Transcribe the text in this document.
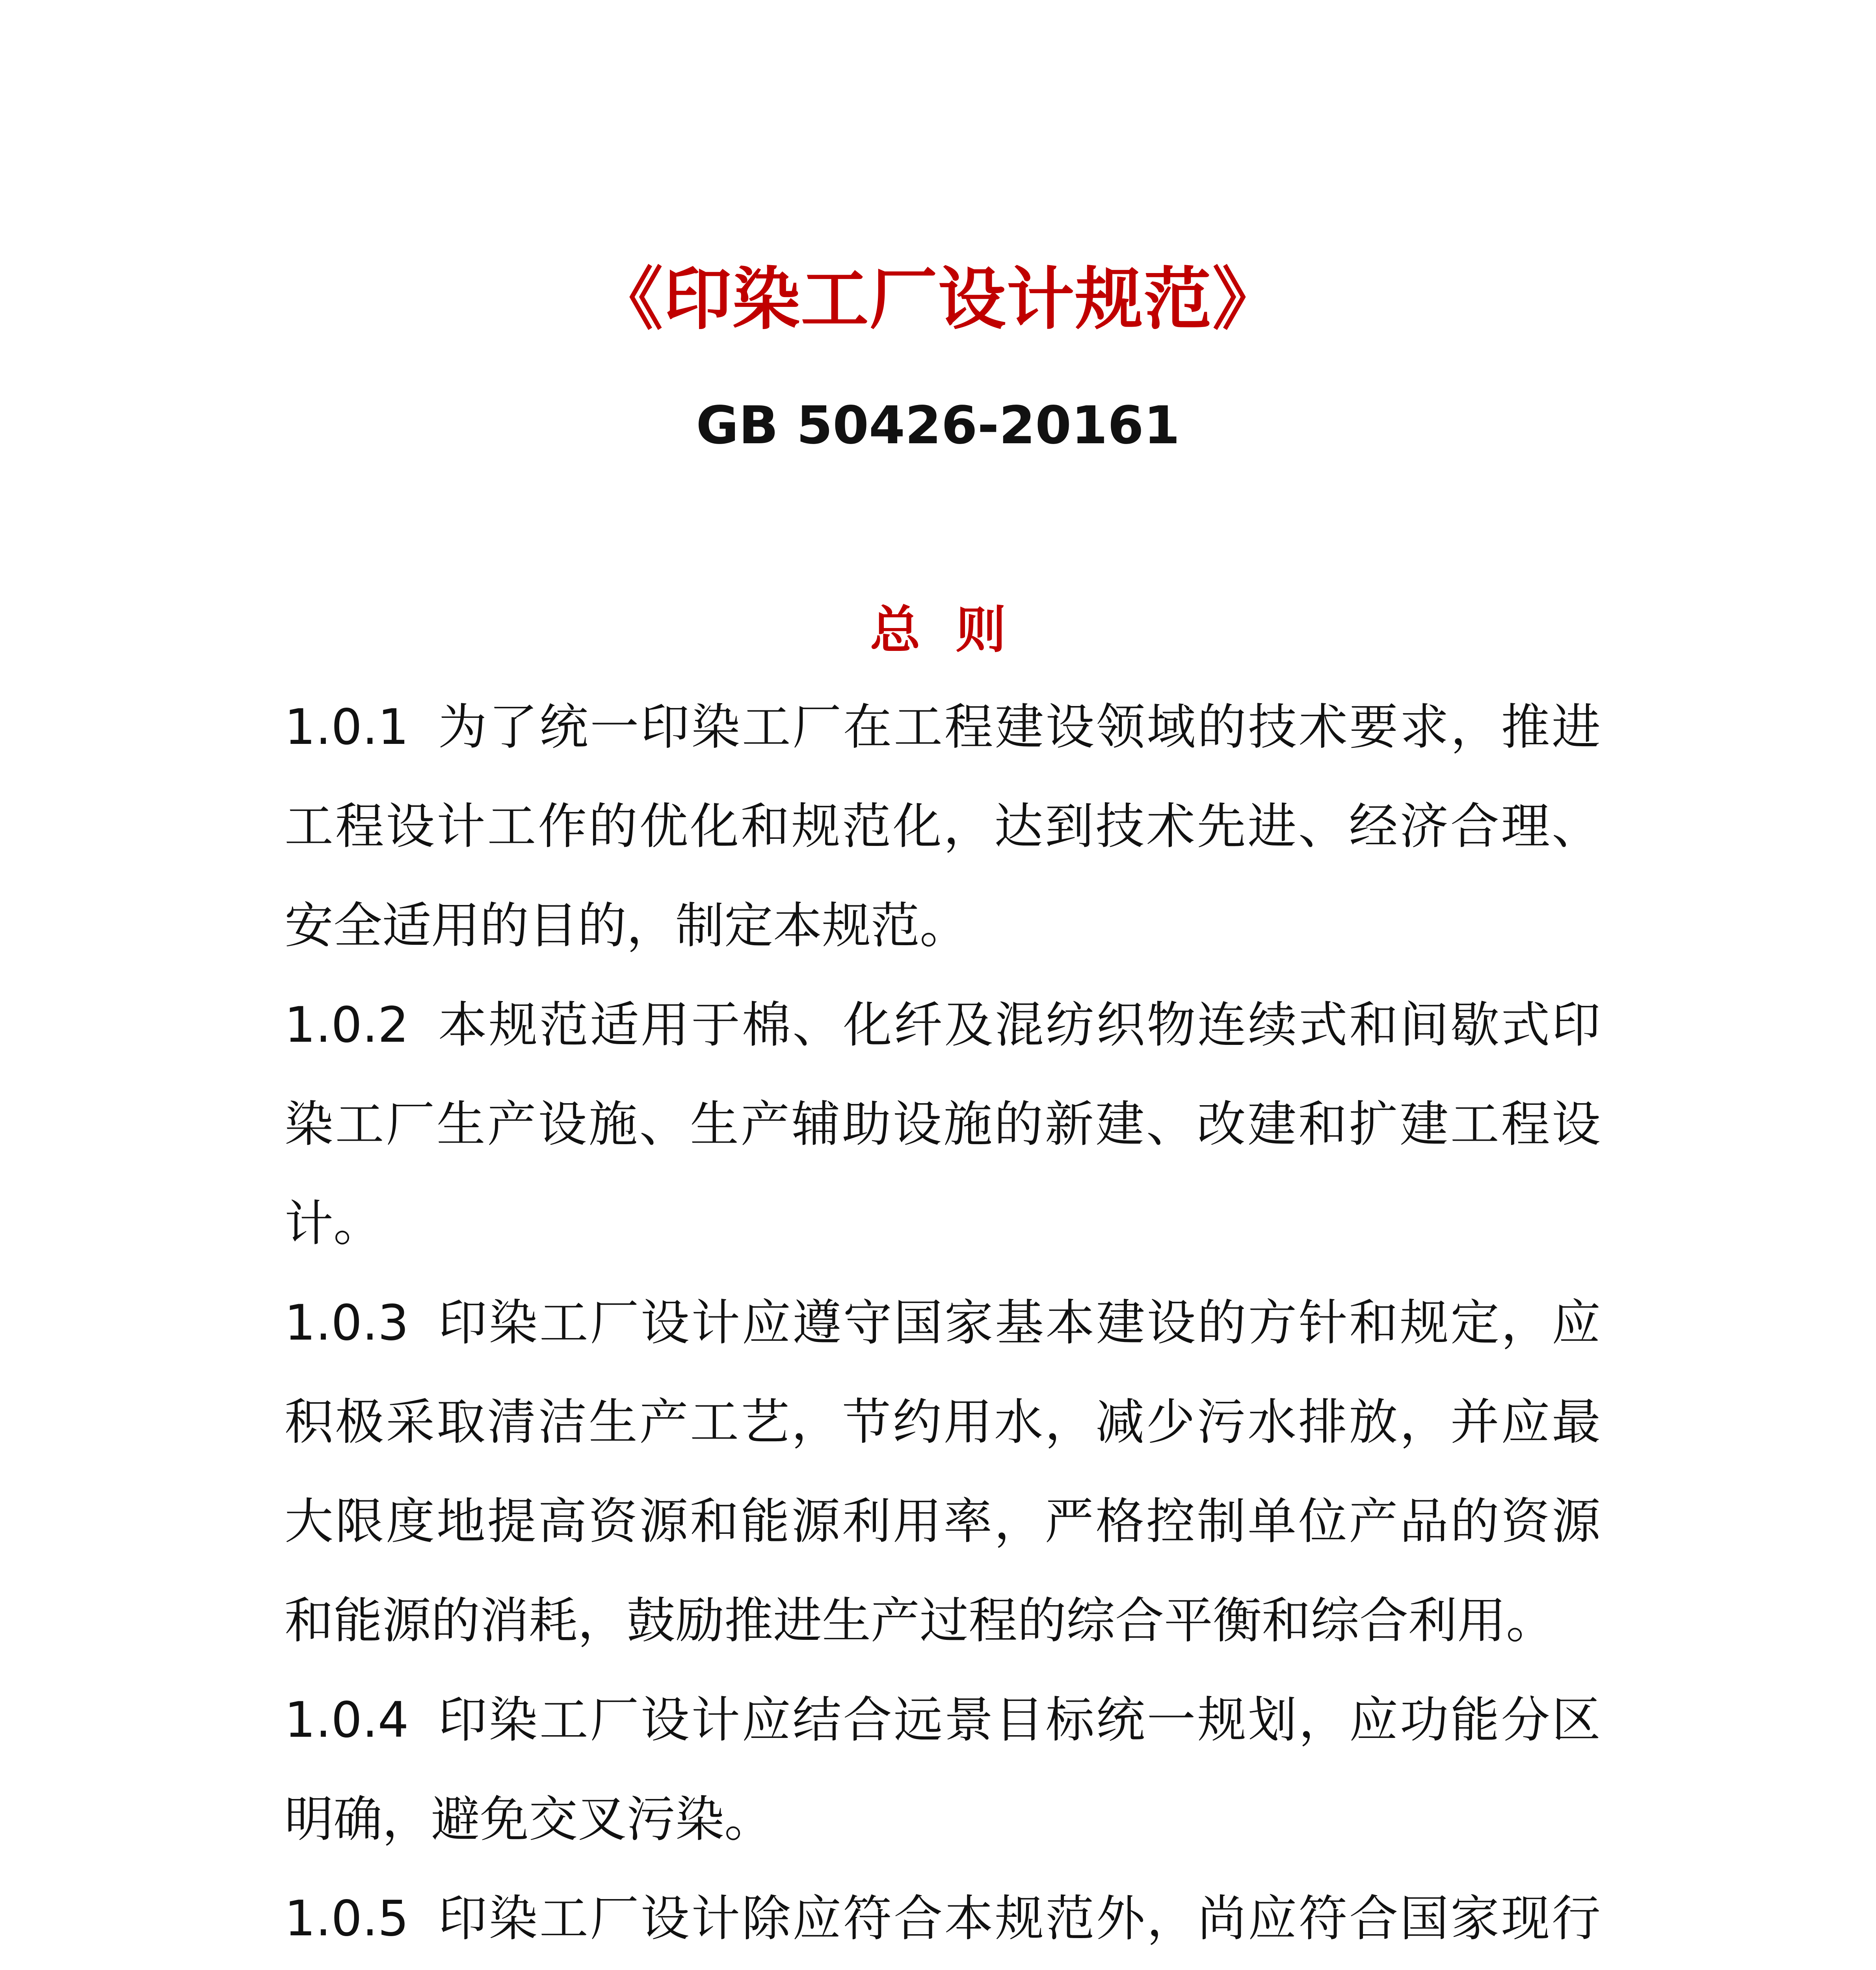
《印染工厂设计规范》
GB 50426-20161
总  则
1.0.1 为了统一印染工厂在工程建设领域的技术要求，推进工程设计工作的优化和规范化，达到技术先进、经济合理、安全适用的目的，制定本规范。
1.0.2 本规范适用于棉、化纤及混纺织物连续式和间歇式印染工厂生产设施、生产辅助设施的新建、改建和扩建工程设计。
1.0.3 印染工厂设计应遵守国家基本建设的方针和规定，应积极采取清洁生产工艺，节约用水，减少污水排放，并应最大限度地提高资源和能源利用率，严格控制单位产品的资源和能源的消耗，鼓励推进生产过程的综合平衡和综合利用。
1.0.4 印染工厂设计应结合远景目标统一规划，应功能分区明确，避免交叉污染。
1.0.5 印染工厂设计除应符合本规范外，尚应符合国家现行
